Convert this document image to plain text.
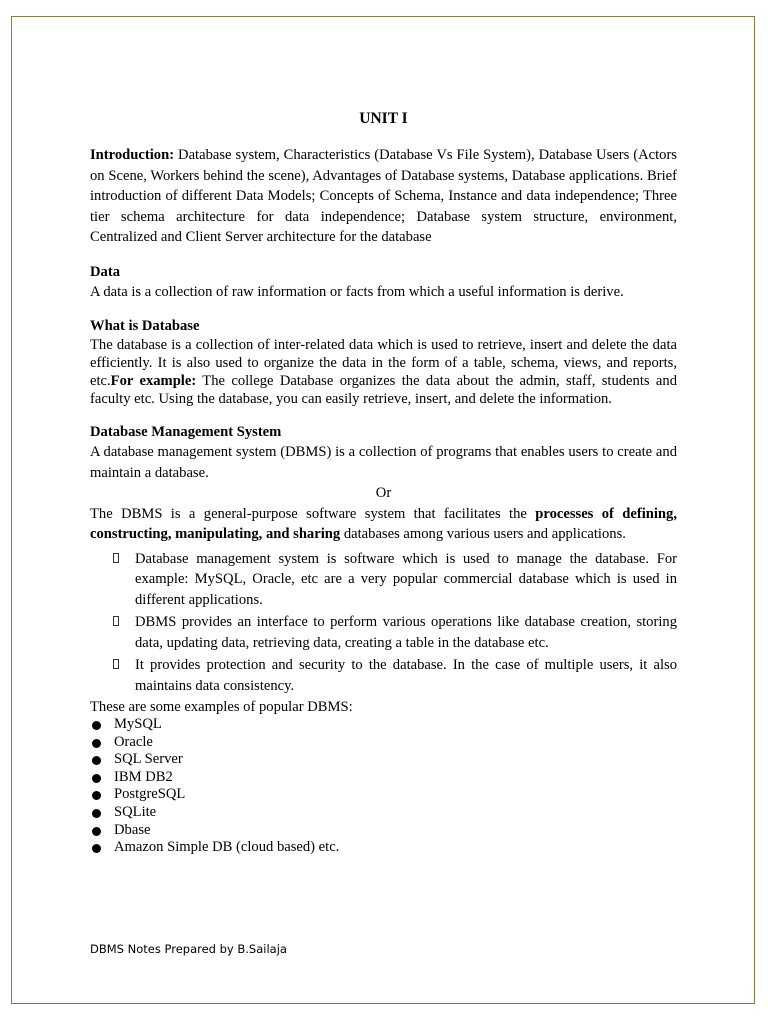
UNIT I

Introduction: Database system, Characteristics (Database Vs File System), Database Users (Actors on Scene, Workers behind the scene), Advantages of Database systems, Database applications. Brief introduction of different Data Models; Concepts of Schema, Instance and data independence; Three tier schema architecture for data independence; Database system structure, environment, Centralized and Client Server architecture for the database

Data

A data is a collection of raw information or facts from which a useful information is derive.

What is Database

The database is a collection of inter-related data which is used to retrieve, insert and delete the data efficiently. It is also used to organize the data in the form of a table, schema, views, and reports, etc.For example: The college Database organizes the data about the admin, staff, students and faculty etc. Using the database, you can easily retrieve, insert, and delete the information.

Database Management System

A database management system (DBMS) is a collection of programs that enables users to create and maintain a database.

Or

The DBMS is a general-purpose software system that facilitates the processes of defining, constructing, manipulating, and sharing databases among various users and applications.

Database management system is software which is used to manage the database. For example: MySQL, Oracle, etc are a very popular commercial database which is used in different applications.
DBMS provides an interface to perform various operations like database creation, storing data, updating data, retrieving data, creating a table in the database etc.
It provides protection and security to the database. In the case of multiple users, it also maintains data consistency.

These are some examples of popular DBMS:

MySQL
Oracle
SQL Server
IBM DB2
PostgreSQL
SQLite
Dbase
Amazon Simple DB (cloud based) etc.
DBMS Notes Prepared by B.Sailaja
